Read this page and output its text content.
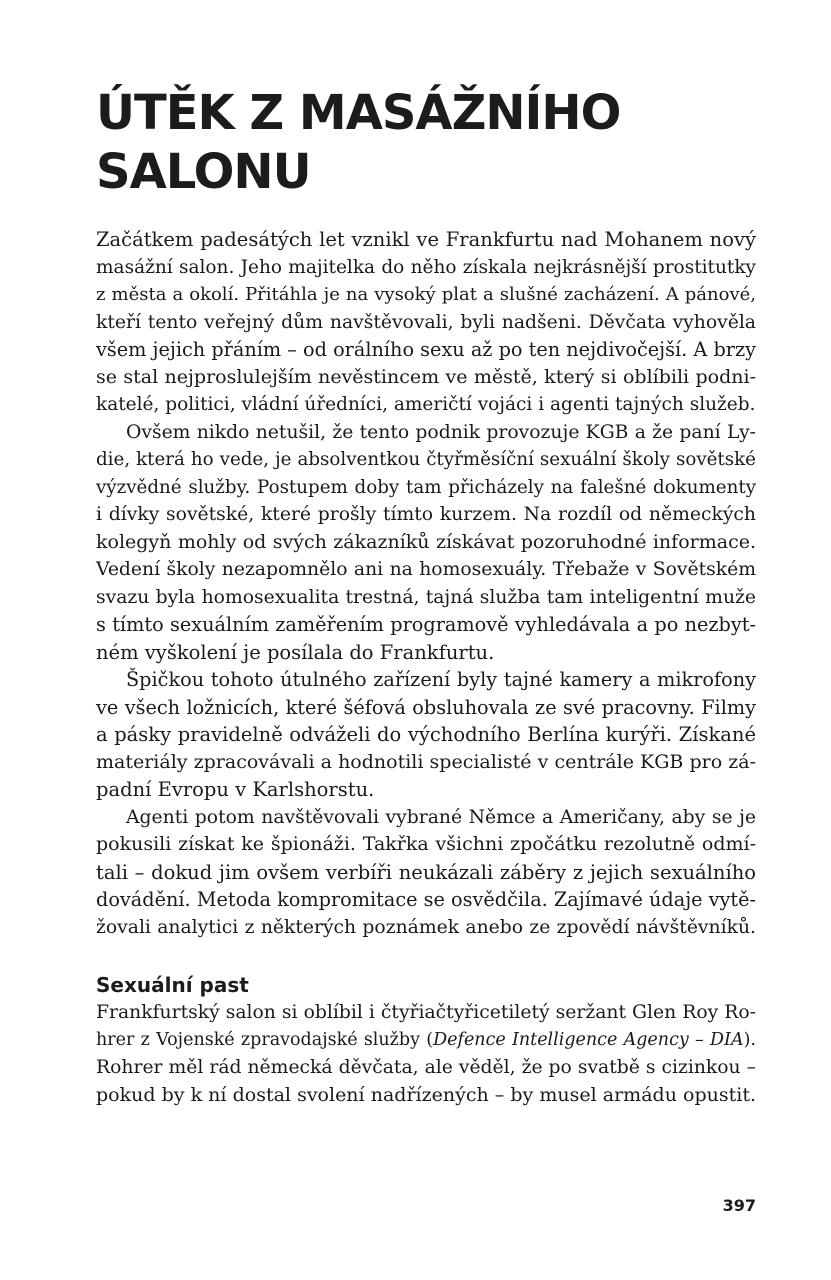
ÚTĚK Z MASÁŽNÍHO
SALONU
Začátkem padesátých let vznikl ve Frankfurtu nad Mohanem nový
masážní salon. Jeho majitelka do něho získala nejkrásnější prostitutky
z města a okolí. Přitáhla je na vysoký plat a slušné zacházení. A pánové,
kteří tento veřejný dům navštěvovali, byli nadšeni. Děvčata vyhověla
všem jejich přáním – od orálního sexu až po ten nejdivočejší. A brzy
se stal nejproslulejším nevěstincem ve městě, který si oblíbili podni-
katelé, politici, vládní úředníci, američtí vojáci i agenti tajných služeb.
Ovšem nikdo netušil, že tento podnik provozuje KGB a že paní Ly-
die, která ho vede, je absolventkou čtyřměsíční sexuální školy sovětské
výzvědné služby. Postupem doby tam přicházely na falešné dokumenty
i dívky sovětské, které prošly tímto kurzem. Na rozdíl od německých
kolegyň mohly od svých zákazníků získávat pozoruhodné informace.
Vedení školy nezapomnělo ani na homosexuály. Třebaže v Sovětském
svazu byla homosexualita trestná, tajná služba tam inteligentní muže
s tímto sexuálním zaměřením programově vyhledávala a po nezbyt-
ném vyškolení je posílala do Frankfurtu.
Špičkou tohoto útulného zařízení byly tajné kamery a mikrofony
ve všech ložnicích, které šéfová obsluhovala ze své pracovny. Filmy
a pásky pravidelně odváželi do východního Berlína kurýři. Získané
materiály zpracovávali a hodnotili specialisté v centrále KGB pro zá-
padní Evropu v Karlshorstu.
Agenti potom navštěvovali vybrané Němce a Američany, aby se je
pokusili získat ke špionáži. Takřka všichni zpočátku rezolutně odmí-
tali – dokud jim ovšem verbíři neukázali záběry z jejich sexuálního
dovádění. Metoda kompromitace se osvědčila. Zajímavé údaje vytě-
žovali analytici z některých poznámek anebo ze zpovědí návštěvníků.
Sexuální past
Frankfurtský salon si oblíbil i čtyřiačtyřicetiletý seržant Glen Roy Ro-
hrer z Vojenské zpravodajské služby (Defence Intelligence Agency – DIA).
Rohrer měl rád německá děvčata, ale věděl, že po svatbě s cizinkou –
pokud by k ní dostal svolení nadřízených – by musel armádu opustit.
397
